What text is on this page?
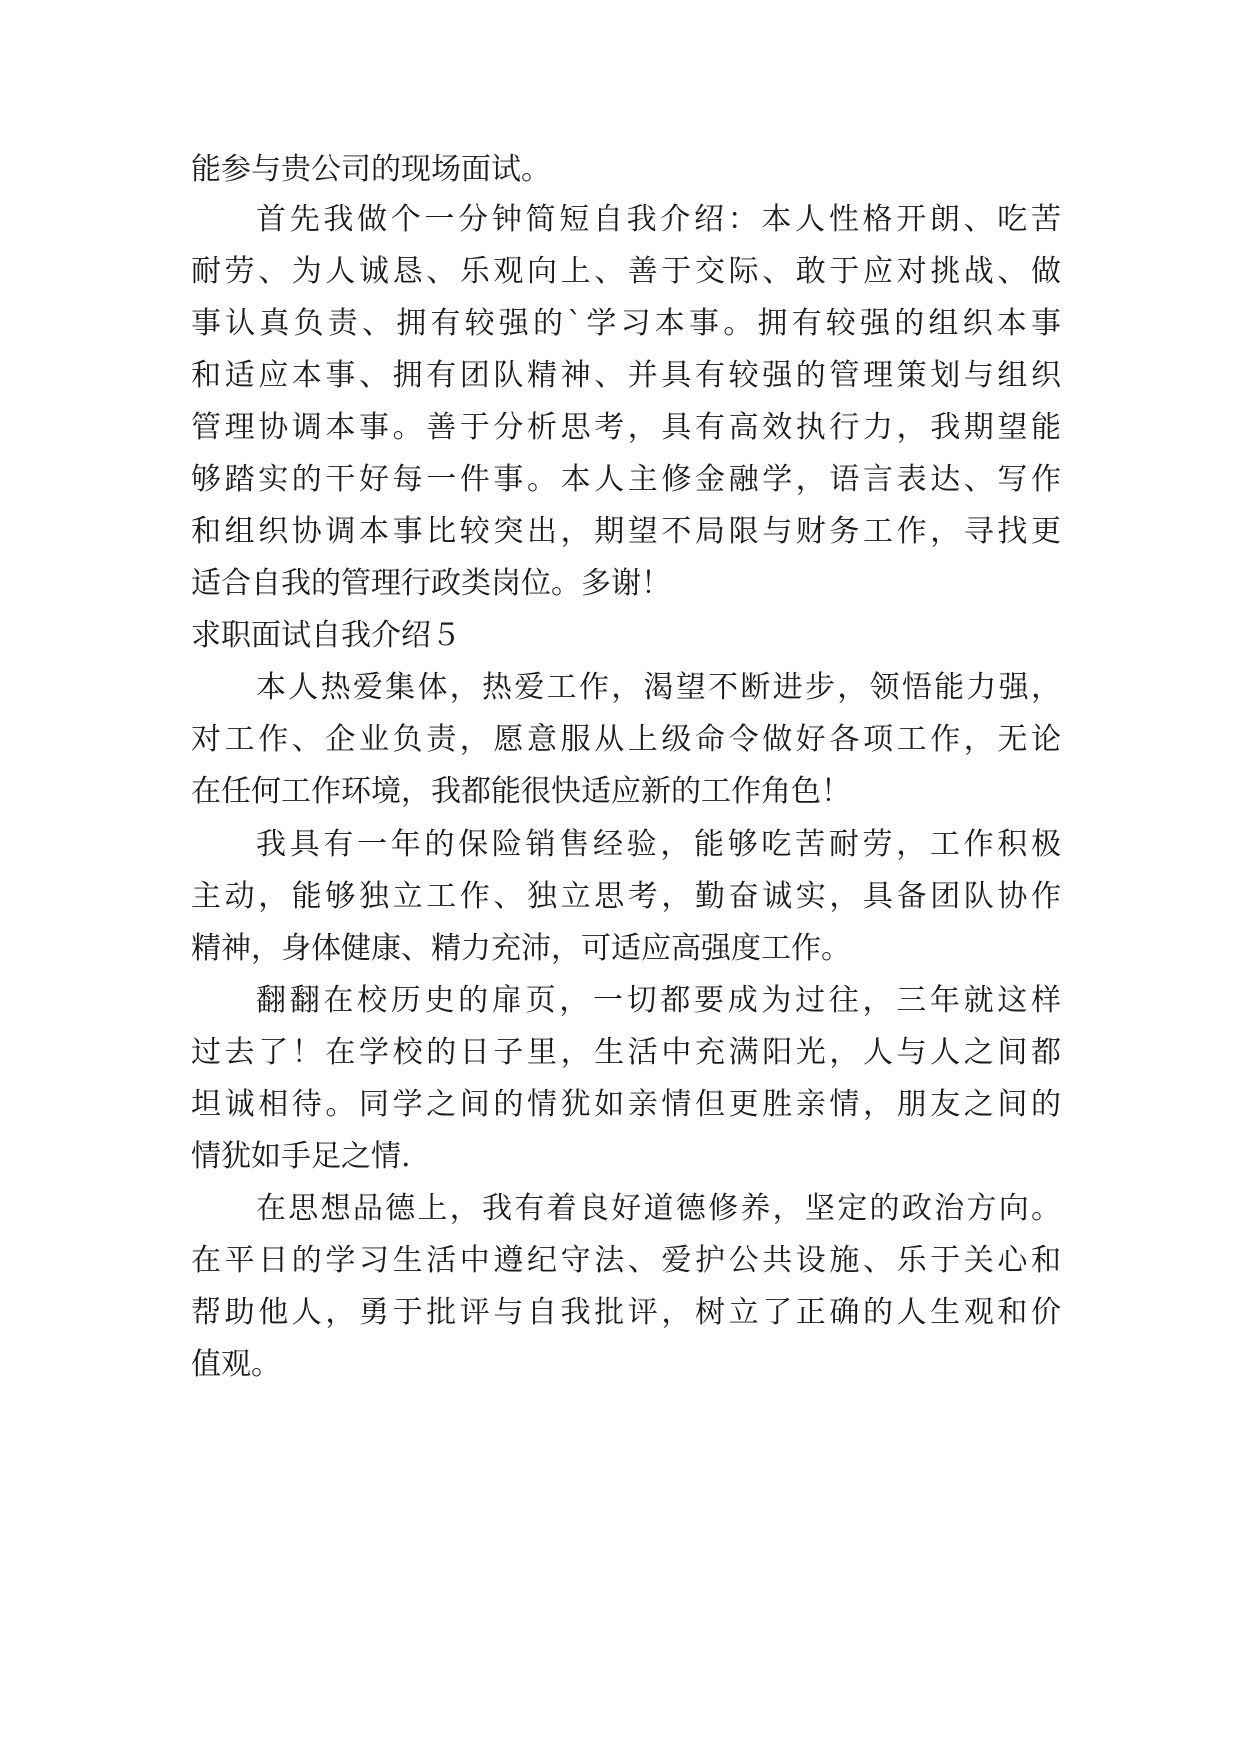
能参与贵公司的现场面试。
首先我做个一分钟简短自我介绍：本人性格开朗、吃苦
耐劳、为人诚恳、乐观向上、善于交际、敢于应对挑战、做
事认真负责、拥有较强的`学习本事。拥有较强的组织本事
和适应本事、拥有团队精神、并具有较强的管理策划与组织
管理协调本事。善于分析思考，具有高效执行力，我期望能
够踏实的干好每一件事。本人主修金融学，语言表达、写作
和组织协调本事比较突出，期望不局限与财务工作，寻找更
适合自我的管理行政类岗位。多谢！
求职面试自我介绍５
本人热爱集体，热爱工作，渴望不断进步，领悟能力强，
对工作、企业负责，愿意服从上级命令做好各项工作，无论
在任何工作环境，我都能很快适应新的工作角色！
我具有一年的保险销售经验，能够吃苦耐劳，工作积极
主动，能够独立工作、独立思考，勤奋诚实，具备团队协作
精神，身体健康、精力充沛，可适应高强度工作。
翻翻在校历史的扉页，一切都要成为过往，三年就这样
过去了！在学校的日子里，生活中充满阳光，人与人之间都
坦诚相待。同学之间的情犹如亲情但更胜亲情，朋友之间的
情犹如手足之情.
在思想品德上，我有着良好道德修养，坚定的政治方向。
在平日的学习生活中遵纪守法、爱护公共设施、乐于关心和
帮助他人，勇于批评与自我批评，树立了正确的人生观和价
值观。
